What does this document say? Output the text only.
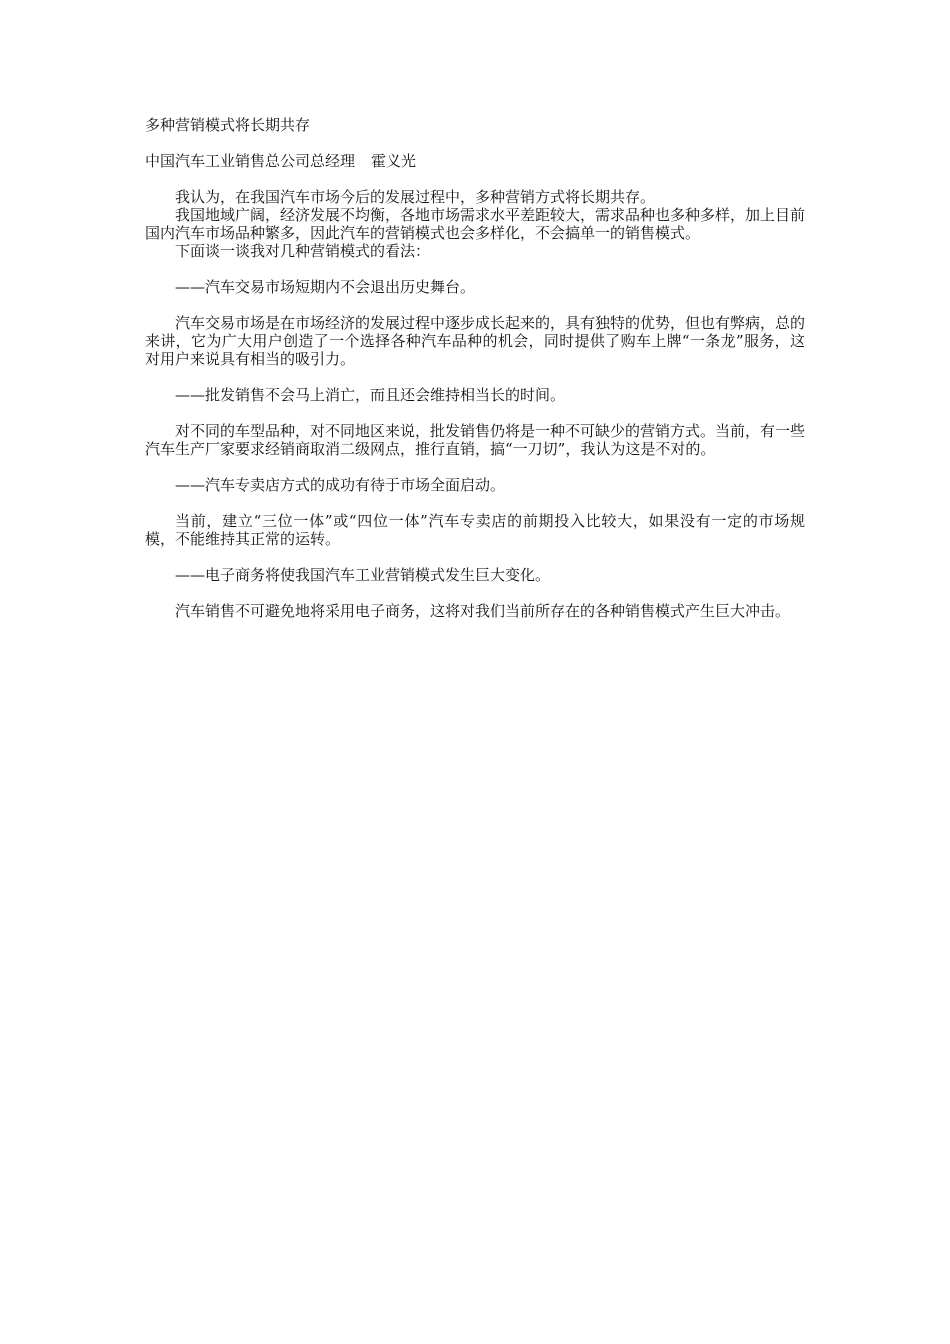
多种营销模式将长期共存
中国汽车工业销售总公司总经理 霍义光

我认为，在我国汽车市场今后的发展过程中，多种营销方式将长期共存。

我国地域广阔，经济发展不均衡，各地市场需求水平差距较大，需求品种也多种多样，加上目前国内汽车市场品种繁多，因此汽车的营销模式也会多样化，不会搞单一的销售模式。

下面谈一谈我对几种营销模式的看法：

——汽车交易市场短期内不会退出历史舞台。

汽车交易市场是在市场经济的发展过程中逐步成长起来的，具有独特的优势，但也有弊病，总的来讲，它为广大用户创造了一个选择各种汽车品种的机会，同时提供了购车上牌“一条龙”服务，这对用户来说具有相当的吸引力。

——批发销售不会马上消亡，而且还会维持相当长的时间。

对不同的车型品种，对不同地区来说，批发销售仍将是一种不可缺少的营销方式。当前，有一些汽车生产厂家要求经销商取消二级网点，推行直销，搞“一刀切”，我认为这是不对的。

——汽车专卖店方式的成功有待于市场全面启动。

当前，建立“三位一体”或“四位一体”汽车专卖店的前期投入比较大，如果没有一定的市场规模，不能维持其正常的运转。

——电子商务将使我国汽车工业营销模式发生巨大变化。

汽车销售不可避免地将采用电子商务，这将对我们当前所存在的各种销售模式产生巨大冲击。
